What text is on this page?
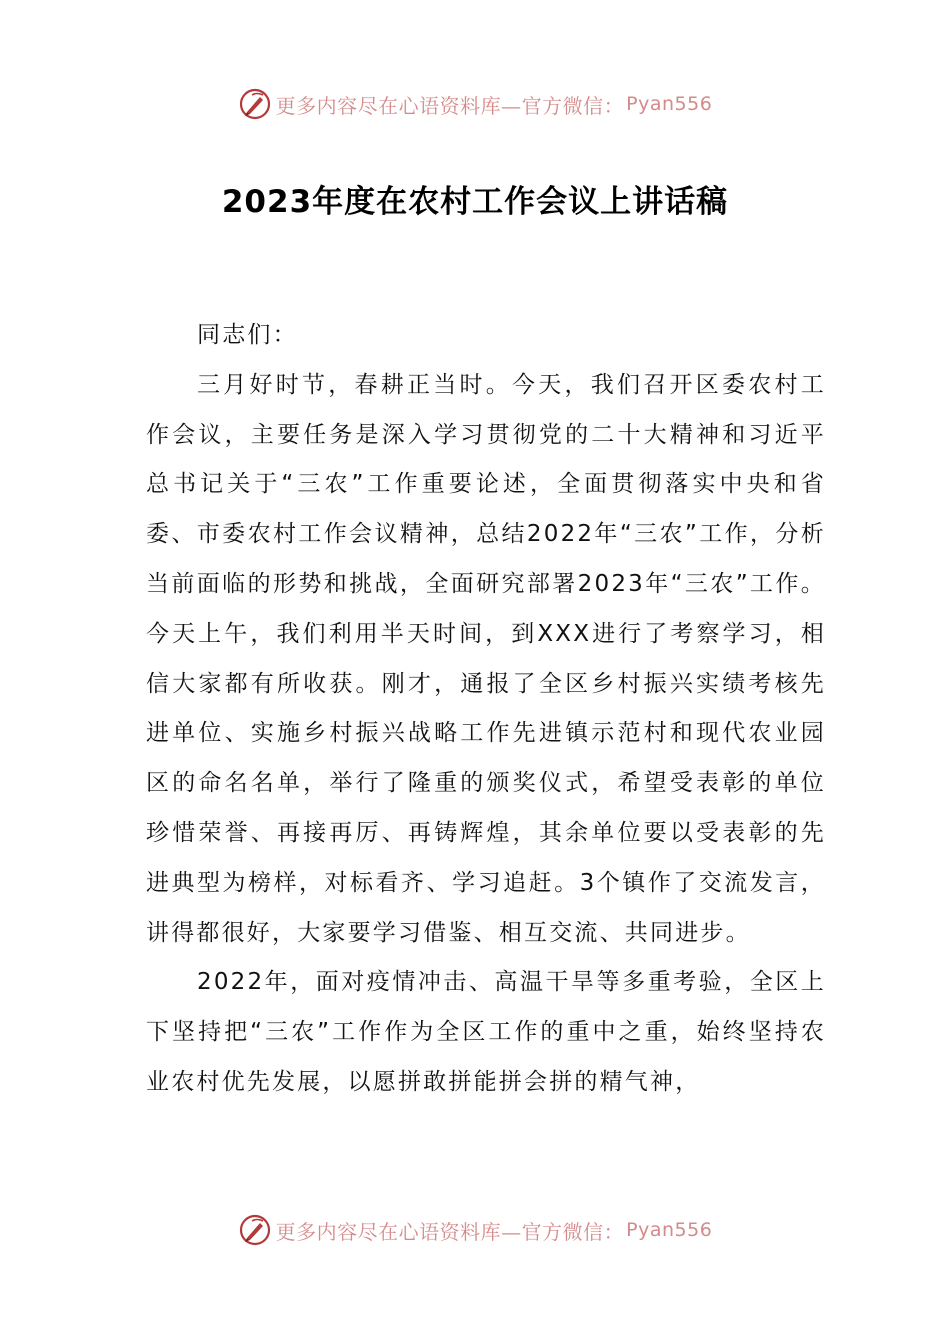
更多内容尽在心语资料库—官方微信： Pyan556
2023年度在农村工作会议上讲话稿

同志们：

三月好时节，春耕正当时。今天，我们召开区委农村工作会议，主要任务是深入学习贯彻党的二十大精神和习近平总书记关于“三农”工作重要论述，全面贯彻落实中央和省委、市委农村工作会议精神，总结2022年“三农”工作，分析当前面临的形势和挑战，全面研究部署2023年“三农”工作。今天上午，我们利用半天时间，到XXX进行了考察学习，相信大家都有所收获。刚才，通报了全区乡村振兴实绩考核先进单位、实施乡村振兴战略工作先进镇示范村和现代农业园区的命名名单，举行了隆重的颁奖仪式，希望受表彰的单位珍惜荣誉、再接再厉、再铸辉煌，其余单位要以受表彰的先进典型为榜样，对标看齐、学习追赶。3个镇作了交流发言，讲得都很好，大家要学习借鉴、相互交流、共同进步。

2022年，面对疫情冲击、高温干旱等多重考验，全区上下坚持把“三农”工作作为全区工作的重中之重，始终坚持农业农村优先发展，以愿拼敢拼能拼会拼的精气神，

更多内容尽在心语资料库—官方微信： Pyan556
